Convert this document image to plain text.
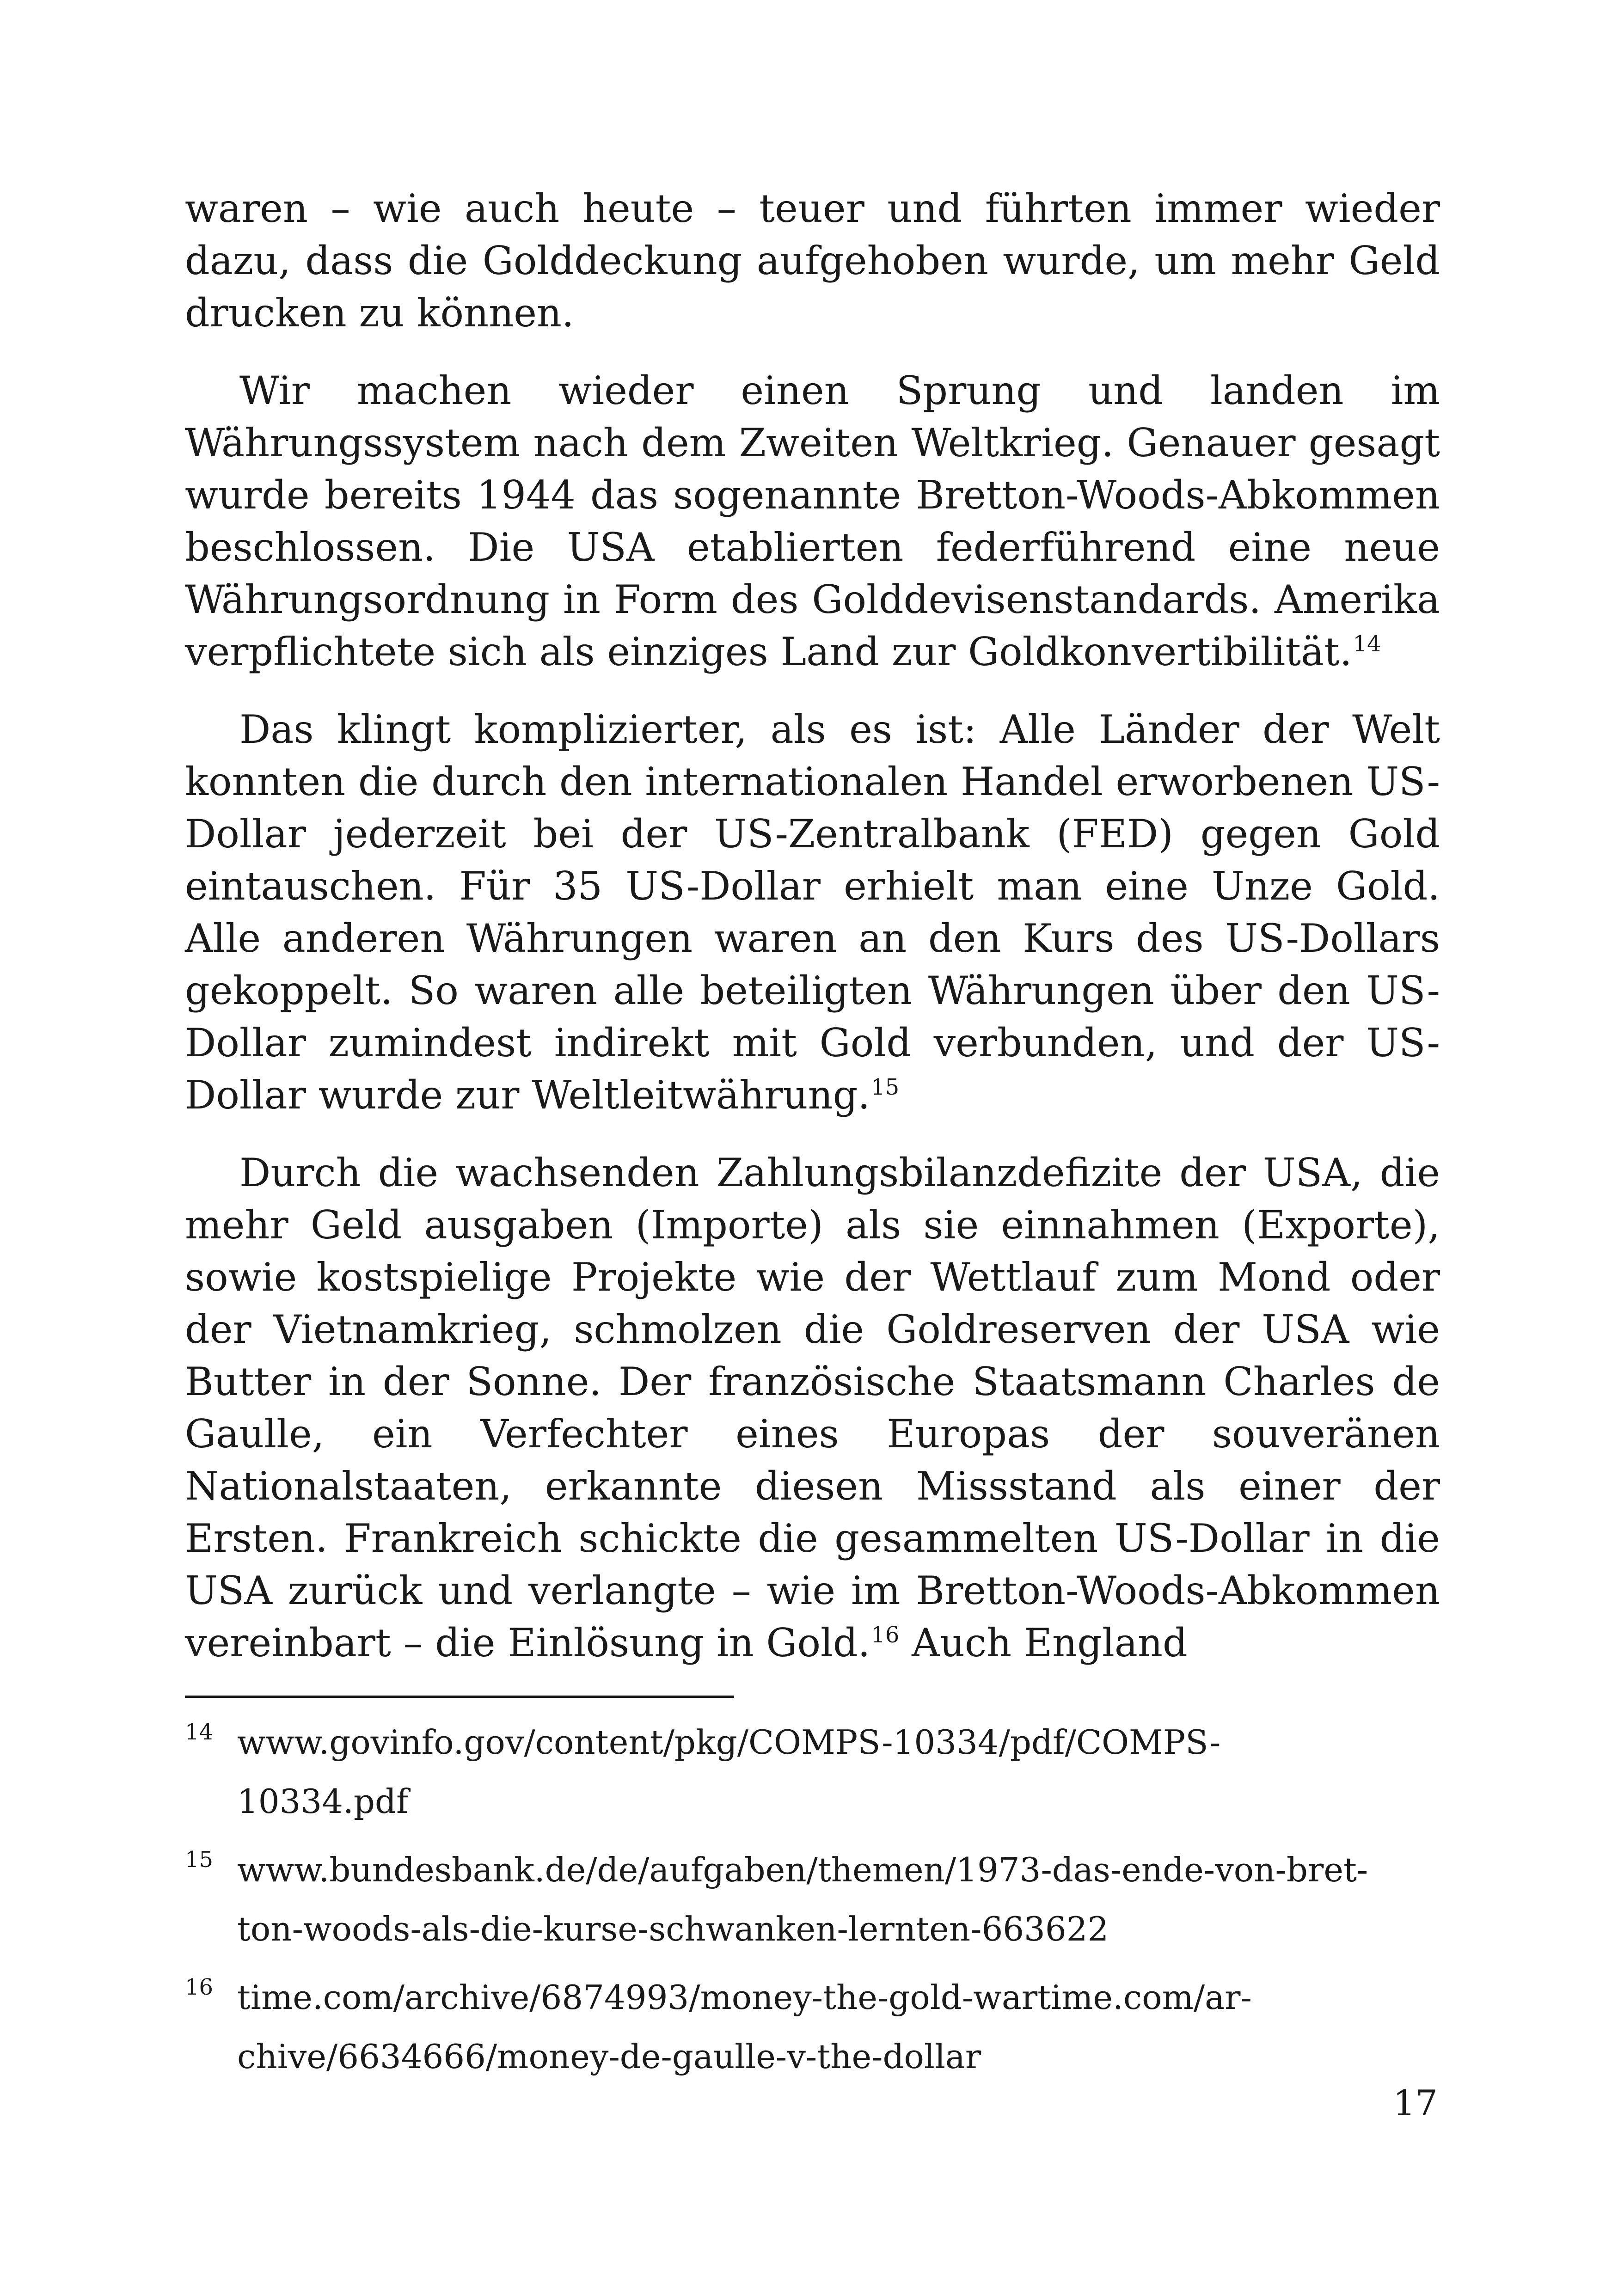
waren – wie auch heute – teuer und führten immer wieder dazu, dass die Golddeckung aufgehoben wurde, um mehr Geld drucken zu können.

Wir machen wieder einen Sprung und landen im Währungssystem nach dem Zweiten Weltkrieg. Genauer gesagt wurde bereits 1944 das sogenannte Bretton-Woods-Abkommen beschlossen. Die USA etablierten federführend eine neue Währungsordnung in Form des Golddevisenstandards. Amerika verpflichtete sich als einziges Land zur Goldkonvertibilität.$^{14}$

Das klingt komplizierter, als es ist: Alle Länder der Welt konnten die durch den internationalen Handel erworbenen US-Dollar jederzeit bei der US-Zentralbank (FED) gegen Gold eintauschen. Für 35 US-Dollar erhielt man eine Unze Gold. Alle anderen Währungen waren an den Kurs des US-Dollars gekoppelt. So waren alle beteiligten Währungen über den US-Dollar zumindest indirekt mit Gold verbunden, und der US-Dollar wurde zur Weltleitwährung.$^{15}$

Durch die wachsenden Zahlungsbilanzdefizite der USA, die mehr Geld ausgaben (Importe) als sie einnahmen (Exporte), sowie kostspielige Projekte wie der Wettlauf zum Mond oder der Vietnamkrieg, schmolzen die Goldreserven der USA wie Butter in der Sonne. Der französische Staatsmann Charles de Gaulle, ein Verfechter eines Europas der souveränen Nationalstaaten, erkannte diesen Missstand als einer der Ersten. Frankreich schickte die gesammelten US-Dollar in die USA zurück und verlangte – wie im Bretton-Woods-Abkommen vereinbart – die Einlösung in Gold.$^{16}$ Auch England

14 www.govinfo.gov/content/pkg/COMPS-10334/pdf/COMPS-
10334.pdf
15 www.bundesbank.de/de/aufgaben/themen/1973-das-ende-von-bret-
ton-woods-als-die-kurse-schwanken-lernten-663622
16 time.com/archive/6874993/money-the-gold-wartime.com/ar-
chive/6634666/money-de-gaulle-v-the-dollar
17
